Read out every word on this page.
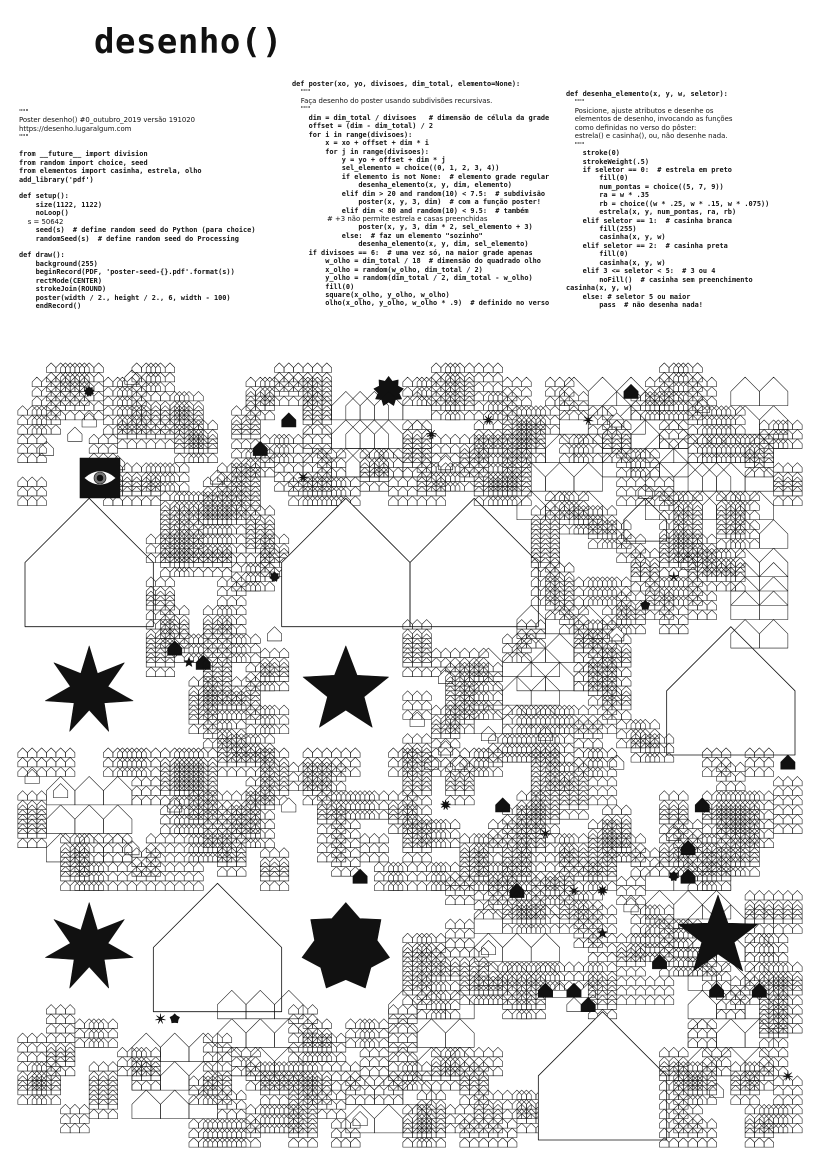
desenho()
"""
Poster desenho() #0_outubro_2019 versão 191020
https://desenho.lugaralgum.com
"""
from __future__ import division
from random import choice, seed
from elementos import casinha, estrela, olho
add_library('pdf')
def setup():
size(1122, 1122)
noLoop()
s = 50642
seed(s)  # define random seed do Python (para choice)
randomSeed(s)  # define random seed do Processing
def draw():
background(255)
beginRecord(PDF, 'poster-seed-{}.pdf'.format(s))
rectMode(CENTER)
strokeJoin(ROUND)
poster(width / 2., height / 2., 6, width - 100)
endRecord()
def poster(xo, yo, divisoes, dim_total, elemento=None):
"""
Faça desenho do poster usando subdivisões recursivas.
"""
dim = dim_total / divisoes   # dimensão de célula da grade
offset = (dim - dim_total) / 2
for i in range(divisoes):
x = xo + offset + dim * i
for j in range(divisoes):
y = yo + offset + dim * j
sel_elemento = choice((0, 1, 2, 3, 4))
if elemento is not None:  # elemento grade regular
desenha_elemento(x, y, dim, elemento)
elif dim > 20 and random(10) < 7.5:  # subdivisão
poster(x, y, 3, dim)  # com a função poster!
elif dim < 80 and random(10) < 9.5:  # também
# +3 não permite estrela e casas preenchidas
poster(x, y, 3, dim * 2, sel_elemento + 3)
else:  # faz um elemento "sozinho"
desenha_elemento(x, y, dim, sel_elemento)
if divisoes == 6:  # uma vez só, na maior grade apenas
w_olho = dim_total / 18  # dimensão do quadrado olho
x_olho = random(w_olho, dim_total / 2)
y_olho = random(dim_total / 2, dim_total - w_olho)
fill(0)
square(x_olho, y_olho, w_olho)
olho(x_olho, y_olho, w_olho * .9)  # definido no verso
def desenha_elemento(x, y, w, seletor):
"""
Posicione, ajuste atributos e desenhe os
elementos de desenho, invocando as funções
como definidas no verso do pôster:
estrela() e casinha(), ou, não desenhe nada.
"""
stroke(0)
strokeWeight(.5)
if seletor == 0:  # estrela em preto
fill(0)
num_pontas = choice((5, 7, 9))
ra = w * .35
rb = choice((w * .25, w * .15, w * .075))
estrela(x, y, num_pontas, ra, rb)
elif seletor == 1:  # casinha branca
fill(255)
casinha(x, y, w)
elif seletor == 2:  # casinha preta
fill(0)
casinha(x, y, w)
elif 3 <= seletor < 5:  # 3 ou 4
noFill()  # casinha sem preenchimento
casinha(x, y, w)
else: # seletor 5 ou maior
pass  # não desenha nada!
